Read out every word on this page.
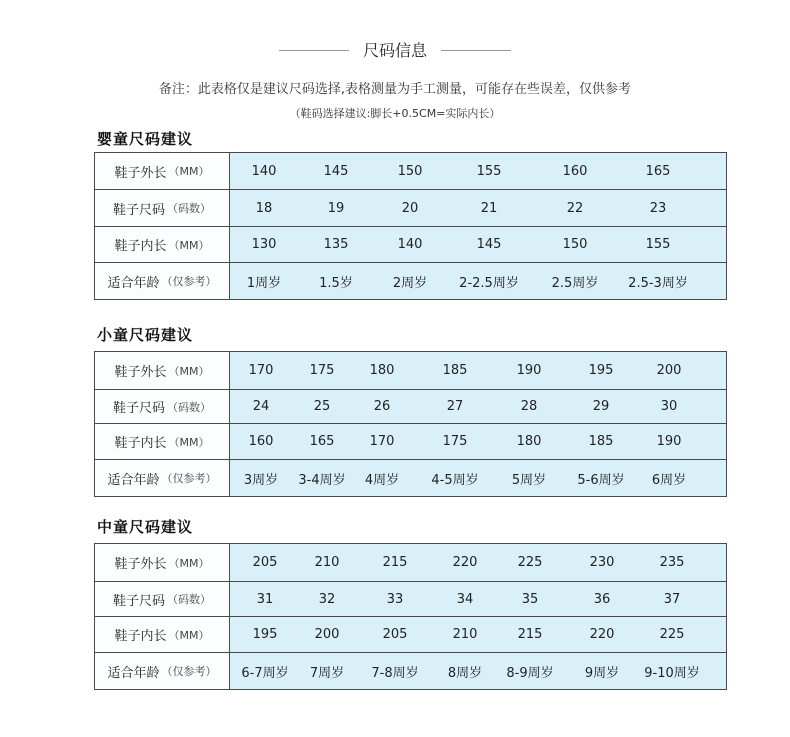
尺码信息
备注：此表格仅是建议尺码选择,表格测量为手工测量，可能存在些误差，仅供参考
（鞋码选择建议:脚长+0.5CM=实际内长）
婴童尺码建议
鞋子外长 （MM）	140	145	150	155	160	165
鞋子尺码 （码数）	18	19	20	21	22	23
鞋子内长 （MM）	130	135	140	145	150	155
适合年龄 （仅参考） 1周岁	1.5岁	2周岁 2-2.5周岁	2.5周岁 2.5-3周岁
小童尺码建议
鞋子外长 （MM）	170	175	180	185	190	195	200
鞋子尺码 （码数）	24	25	26	27	28	29	30
鞋子内长 （MM）	160	165	170	175	180	185	190
适合年龄 （仅参考） 3周岁 3-4周岁 4周岁 4-5周岁	5周岁 5-6周岁 6周岁
中童尺码建议
鞋子外长 （MM）	205	210	215	220	225	230	235
鞋子尺码 （码数）	31	32	33	34	35	36	37
鞋子内长 （MM）	195	200	205	210	215	220	225
适合年龄 （仅参考） 6-7周岁 7周岁 7-8周岁 8周岁 8-9周岁 9周岁 9-10周岁
